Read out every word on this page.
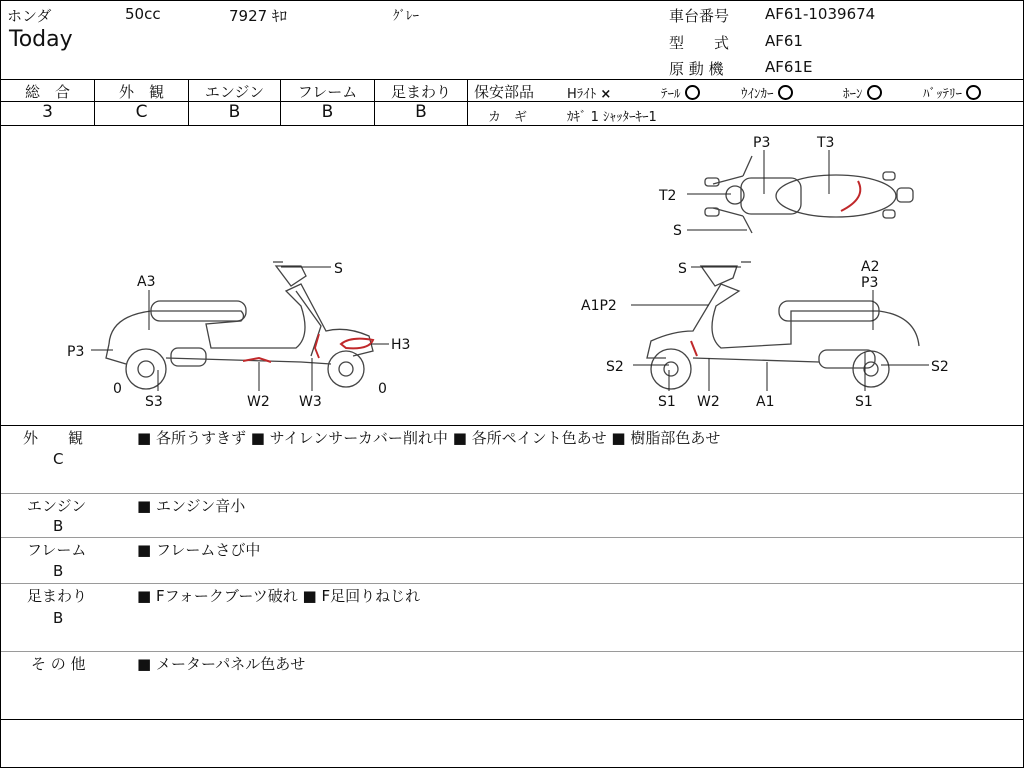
ホンダ	50cc	7927 ｷﾛ	ｸﾞﾚｰ
Today
車台番号 AF61-1039674
型　　式 AF61
原 動 機	AF61E
総　合	外　観	エンジン	フレーム	足まわり
3	C	B	B	B
保安部品	Hﾗｲﾄ ×	ﾃｰﾙ	ｳｲﾝｶｰ	ﾎｰﾝ	ﾊﾞｯﾃﾘｰ
カ　ギ	ｶｷﾞ 1 ｼｬｯﾀｰｷｰ1
P3	T3
T2
S
S
A3
H3
P3
0
S3	W2 W3
0
S	A2
P3
A1P2
S2	S2
S1 W2	A1	S1
外　　観
C
■ 各所うすきず ■ サイレンサーカバー削れ中 ■ 各所ペイント色あせ ■ 樹脂部色あせ
エンジン
B
■ エンジン音小
フレーム
B
■ フレームさび中
足まわり
B
■ Fフォークブーツ破れ ■ F足回りねじれ
そ の 他	■ メーターパネル色あせ
